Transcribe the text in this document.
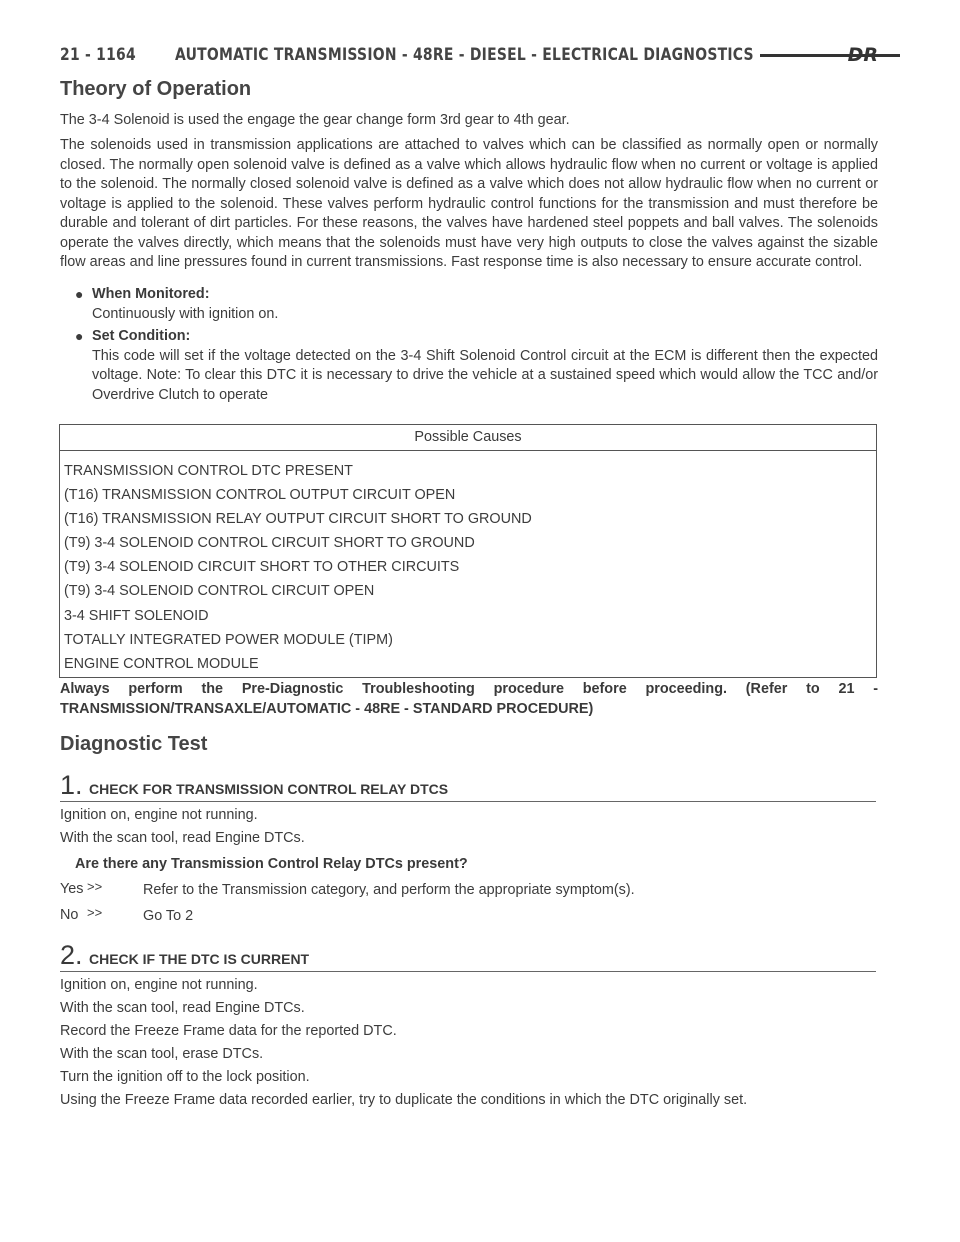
21 - 1164	AUTOMATIC TRANSMISSION - 48RE - DIESEL - ELECTRICAL DIAGNOSTICS	DR
Theory of Operation

The 3-4 Solenoid is used the engage the gear change form 3rd gear to 4th gear.

The solenoids used in transmission applications are attached to valves which can be classified as normally open or normally closed. The normally open solenoid valve is defined as a valve which allows hydraulic flow when no current or voltage is applied to the solenoid. The normally closed solenoid valve is defined as a valve which does not allow hydraulic flow when no current or voltage is applied to the solenoid. These valves perform hydraulic control functions for the transmission and must therefore be durable and tolerant of dirt particles. For these reasons, the valves have hardened steel poppets and ball valves. The solenoids operate the valves directly, which means that the solenoids must have very high outputs to close the valves against the sizable flow areas and line pressures found in current transmissions. Fast response time is also necessary to ensure accurate control.

● When Monitored:
Continuously with ignition on.
● Set Condition:
This code will set if the voltage detected on the 3-4 Shift Solenoid Control circuit at the ECM is different then the expected voltage. Note: To clear this DTC it is necessary to drive the vehicle at a sustained speed which would allow the TCC and/or Overdrive Clutch to operate
Possible Causes
TRANSMISSION CONTROL DTC PRESENT
(T16) TRANSMISSION CONTROL OUTPUT CIRCUIT OPEN
(T16) TRANSMISSION RELAY OUTPUT CIRCUIT SHORT TO GROUND
(T9) 3-4 SOLENOID CONTROL CIRCUIT SHORT TO GROUND
(T9) 3-4 SOLENOID CIRCUIT SHORT TO OTHER CIRCUITS
(T9) 3-4 SOLENOID CONTROL CIRCUIT OPEN
3-4 SHIFT SOLENOID
TOTALLY INTEGRATED POWER MODULE (TIPM)
ENGINE CONTROL MODULE
Always perform the Pre-Diagnostic Troubleshooting procedure before proceeding. (Refer to 21 - TRANSMISSION/TRANSAXLE/AUTOMATIC - 48RE - STANDARD PROCEDURE)
Diagnostic Test
1. CHECK FOR TRANSMISSION CONTROL RELAY DTCS
Ignition on, engine not running.
With the scan tool, read Engine DTCs.
Are there any Transmission Control Relay DTCs present?
Yes >>	Refer to the Transmission category, and perform the appropriate symptom(s).
No >>	Go To 2
2. CHECK IF THE DTC IS CURRENT
Ignition on, engine not running.
With the scan tool, read Engine DTCs.
Record the Freeze Frame data for the reported DTC.
With the scan tool, erase DTCs.
Turn the ignition off to the lock position.
Using the Freeze Frame data recorded earlier, try to duplicate the conditions in which the DTC originally set.
